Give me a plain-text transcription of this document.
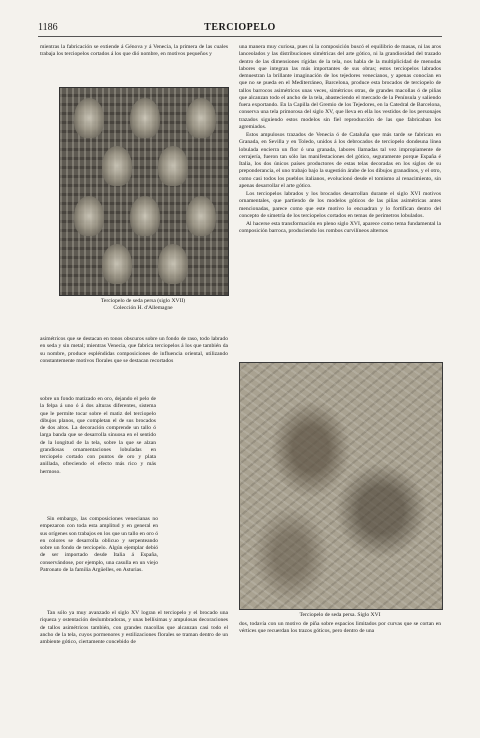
1186	TERCIOPELO

mientras la fabricación se extiende á Génova y á Venecia, la primera de las cuales trabaja los terciopelos cortados á los que dió nombre, en motivos pequeños y

Terciopelo de seda persa (siglo XVII)
Colección H. d'Allemagne

asimétricos que se destacan en tonos obscuros sobre un fondo de raso, todo labrado en seda y sin metal; mientras Venecia, que fabrica terciopelos á los que también da su nombre, produce espléndidas composiciones de influencia oriental, utilizando constantemente motivos florales que se destacan recortados

sobre un fondo matizado en oro, dejando el pelo de la felpa á uno ó á dos alturas diferentes, sistema que le permite tocar sobre el matiz del terciopelo dibujos planos, que completan el de sus brocados de dos altos. La decoración comprende un tallo ó larga banda que se desarrolla sinuosa en el sentido de la longitud de la tela, sobre la que se alzan grandiosas ornamentaciones lobuladas en terciopelo cortado con puntos de oro y plata anillada, ofreciendo el efecto más rico y más hermoso.

Sin embargo, las composiciones venecianas no empezaron con toda esta amplitud y en general en sus orígenes son trabajos en los que un tallo en oro ó en colores se desarrolla oblicuo y serpenteando sobre un fondo de terciopelo. Algún ejemplar debió de ser importado desde Italia á España, conservándose, por ejemplo, una casulla en un viejo Patronato de la familia Argüelles, en Asturias.

Tan sólo ya muy avanzado el siglo XV logran el terciopelo y el brocado una riqueza y ostentación deslumbradoras, y unas bellísimas y ampulosas decoraciones de tallos asimétricos también, con grandes macollas que alcanzan casi todo el ancho de la tela, cuyos pormenores y estilizaciones florales se traman dentro de un ambiente gótico, ciertamente concebido de

una manera muy curiosa, pues ni la composición buscó el equilibrio de masas, ni las aros lanceolados y las distribuciones simétricas del arte gótico, ni la grandiosidad del trazado dentro de las dimensiones rígidas de la tela, nos habla de la multiplicidad de menudas labores que integran las más importantes de sus obras; estos terciopelos labrados demuestran la brillante imaginación de los tejedores venecianos, y apenas conocían en que no se pueda en el Mediterráneo, Barcelona, produce esta brocados de terciopelo de tallos barrocos asimétricos unas veces, simétricos otras, de grandes macollas ó de piñas que alcanzan todo el ancho de la tela, abasteciendo el mercado de la Península y saliendo fuera exportando. En la Capilla del Gremio de los Tejedores, en la Catedral de Barcelona, conserva una tela primorosa del siglo XV, que lleva en ella los vestidos de los personajes trazados siguiendo estos modelos sin fiel reproducción de las que fabricaban los agremiados.

Estos ampulosos trazados de Venecia ó de Cataluña que más tarde se fabrican en Granada, en Sevilla y en Toledo, unidos á los debrocados de terciopelo dondeuna línea lobulada encierra un flor ó una granada, labores llamadas tal vez impropiamente de cerrajería, fueron tan sólo las manifestaciones del gótico, seguramente porque España é Italia, los dos únicos países productores de estas telas decoradas en los siglos de su preponderancia, el uno trabajo bajo la sugestión árabe de los dibujos granadinos, y el otro, como casi todos los pueblos italianos, evolucionó desde el tomismo al renacimiento, sin apenas desarrollar el arte gótico.

Los terciopelos labrados y los brocados desarrollan durante el siglo XVI motivos ornamentales, que partiendo de los modelos góticos de las piñas asimétricas antes mencionadas, parece como que este motivo lo encuadran y lo fortifican dentro del concepto de simetría de los terciopelos cortados en temas de perímetros lobulados.

Al hacerse esta transformación en pleno siglo XVI, aparece como tema fundamental la composición barroca, produciendo los rombos curvilíneos alternos

Terciopelo de seda persa. Siglo XVI

dos, todavía con un motivo de piña sobre espacios limitados por curvas que se cortan en vértices que recuerdan los trazos góticos, pero dentro de una
